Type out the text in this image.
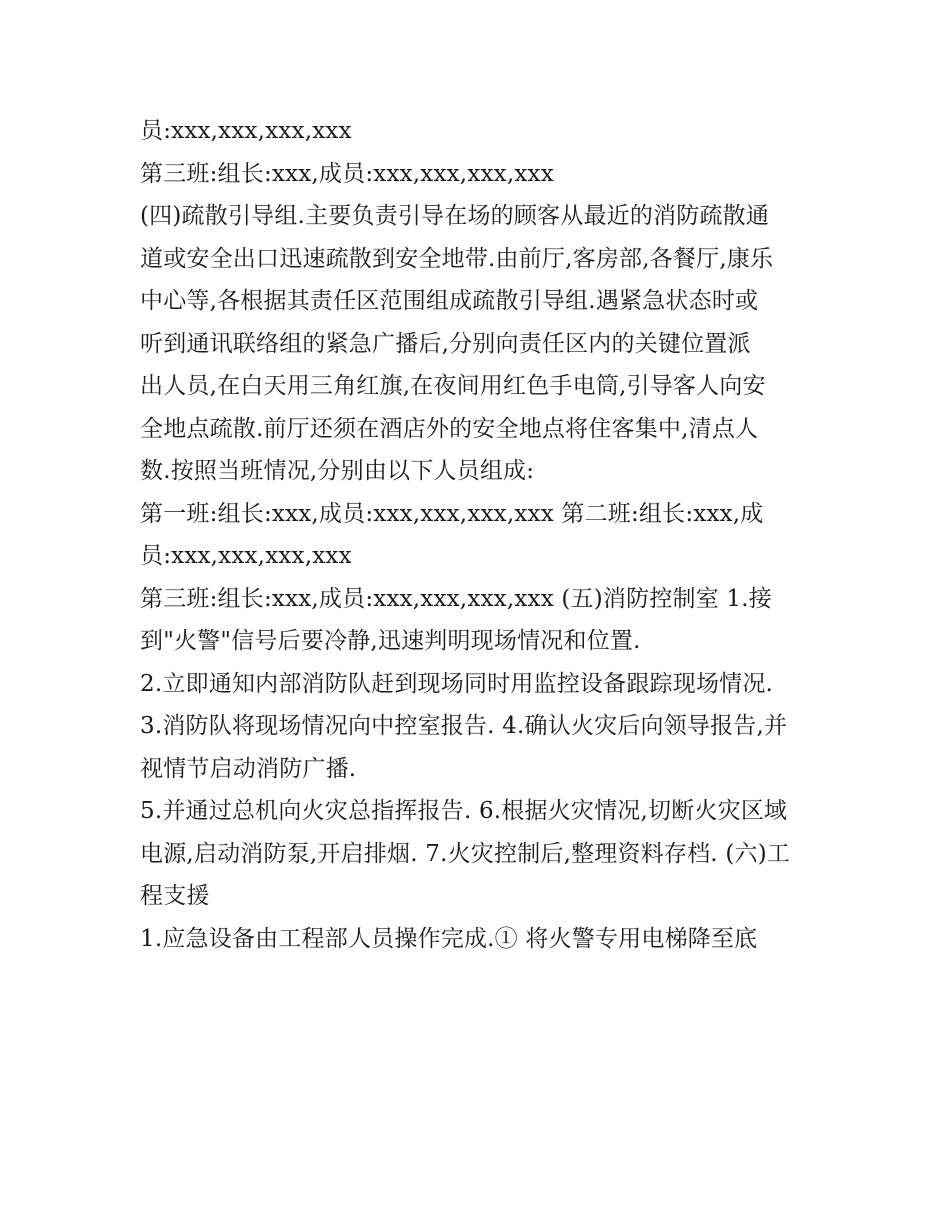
员:xxx,xxx,xxx,xxx
第三班:组长:xxx,成员:xxx,xxx,xxx,xxx
(四)疏散引导组.主要负责引导在场的顾客从最近的消防疏散通
道或安全出口迅速疏散到安全地带.由前厅,客房部,各餐厅,康乐
中心等,各根据其责任区范围组成疏散引导组.遇紧急状态时或
听到通讯联络组的紧急广播后,分别向责任区内的关键位置派
出人员,在白天用三角红旗,在夜间用红色手电筒,引导客人向安
全地点疏散.前厅还须在酒店外的安全地点将住客集中,清点人
数.按照当班情况,分别由以下人员组成:
第一班:组长:xxx,成员:xxx,xxx,xxx,xxx 第二班:组长:xxx,成
员:xxx,xxx,xxx,xxx
第三班:组长:xxx,成员:xxx,xxx,xxx,xxx (五)消防控制室 1.接
到"火警"信号后要冷静,迅速判明现场情况和位置.
2.立即通知内部消防队赶到现场同时用监控设备跟踪现场情况.
3.消防队将现场情况向中控室报告. 4.确认火灾后向领导报告,并
视情节启动消防广播.
5.并通过总机向火灾总指挥报告. 6.根据火灾情况,切断火灾区域
电源,启动消防泵,开启排烟. 7.火灾控制后,整理资料存档. (六)工
程支援
1.应急设备由工程部人员操作完成.① 将火警专用电梯降至底
